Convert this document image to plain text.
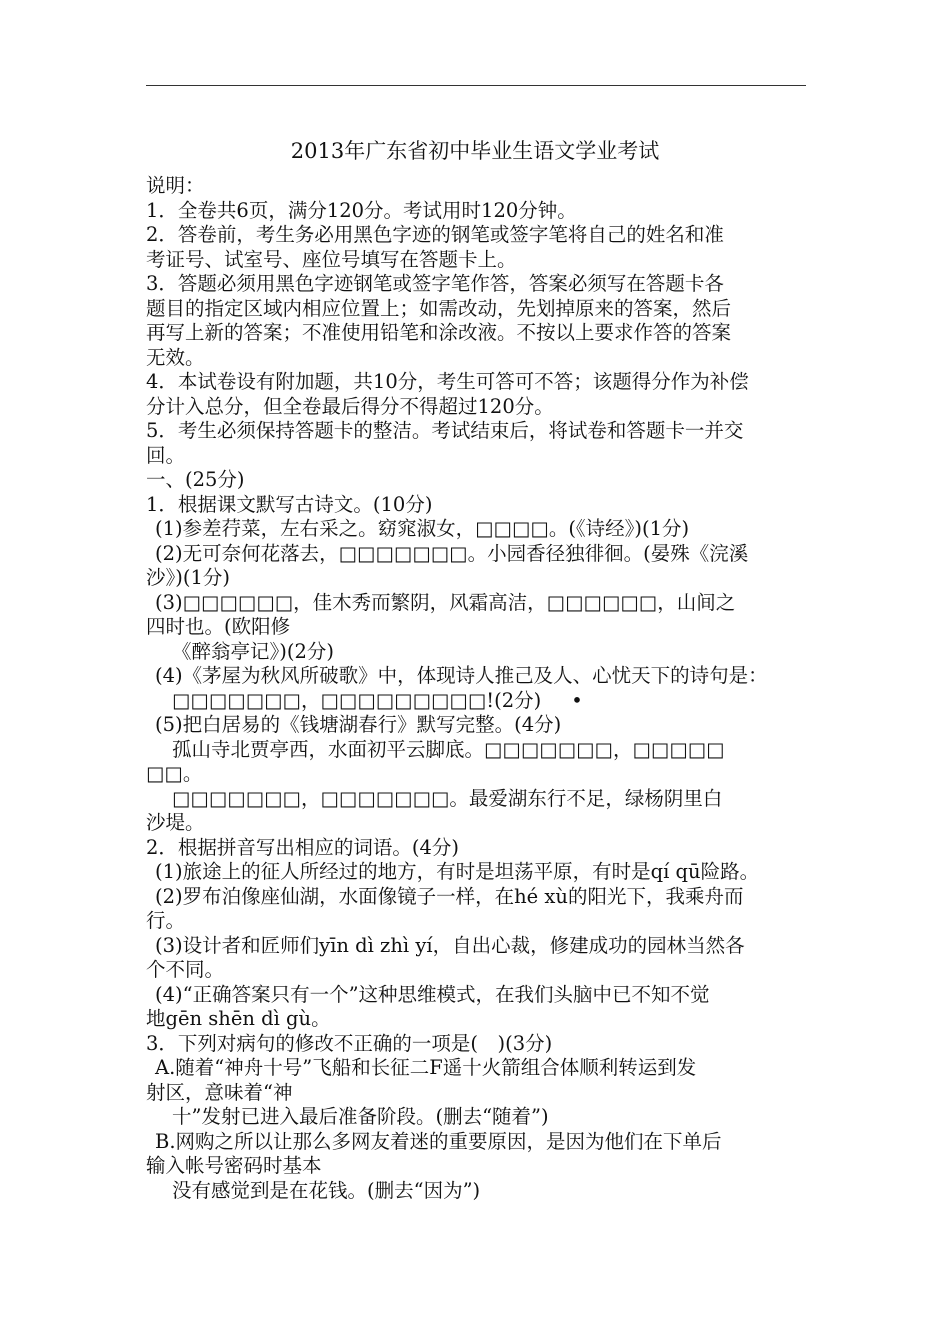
2013年广东省初中毕业生语文学业考试
说明：
1．全卷共6页，满分120分。考试用时120分钟。
2．答卷前，考生务必用黑色字迹的钢笔或签字笔将自己的姓名和准
考证号、试室号、座位号填写在答题卡上。
3．答题必须用黑色字迹钢笔或签字笔作答，答案必须写在答题卡各
题目的指定区域内相应位置上；如需改动，先划掉原来的答案，然后
再写上新的答案；不准使用铅笔和涂改液。不按以上要求作答的答案
无效。
4．本试卷设有附加题，共10分，考生可答可不答；该题得分作为补偿
分计入总分，但全卷最后得分不得超过120分。
5．考生必须保持答题卡的整洁。考试结束后，将试卷和答题卡一并交
回。
一、(25分)
1．根据课文默写古诗文。(10分)
(1)参差荇菜，左右采之。窈窕淑女，□□□□。(《诗经》)(1分)
(2)无可奈何花落去，□□□□□□□。小园香径独徘徊。(晏殊《浣溪
沙》)(1分)
(3)□□□□□□，佳木秀而繁阴，风霜高洁，□□□□□□，山间之
四时也。(欧阳修
《醉翁亭记》)(2分)
(4)《茅屋为秋风所破歌》中，体现诗人推己及人、心忧天下的诗句是：
□□□□□□□，□□□□□□□□□!(2分) •
(5)把白居易的《钱塘湖春行》默写完整。(4分)
孤山寺北贾亭西，水面初平云脚底。□□□□□□□，□□□□□
□□。
□□□□□□□，□□□□□□□。最爱湖东行不足，绿杨阴里白
沙堤。
2．根据拼音写出相应的词语。(4分)
(1)旅途上的征人所经过的地方，有时是坦荡平原，有时是qí qū险路。
(2)罗布泊像座仙湖，水面像镜子一样，在hé xù的阳光下，我乘舟而
行。
(3)设计者和匠师们yīn dì zhì yí，自出心裁，修建成功的园林当然各
个不同。
(4)“正确答案只有一个”这种思维模式，在我们头脑中已不知不觉
地gēn shēn dì gù。
3．下列对病句的修改不正确的一项是(　)(3分)
A.随着“神舟十号”飞船和长征二F遥十火箭组合体顺利转运到发
射区，意味着“神
十”发射已进入最后准备阶段。(删去“随着”)
B.网购之所以让那么多网友着迷的重要原因，是因为他们在下单后
输入帐号密码时基本
没有感觉到是在花钱。(删去“因为”)
